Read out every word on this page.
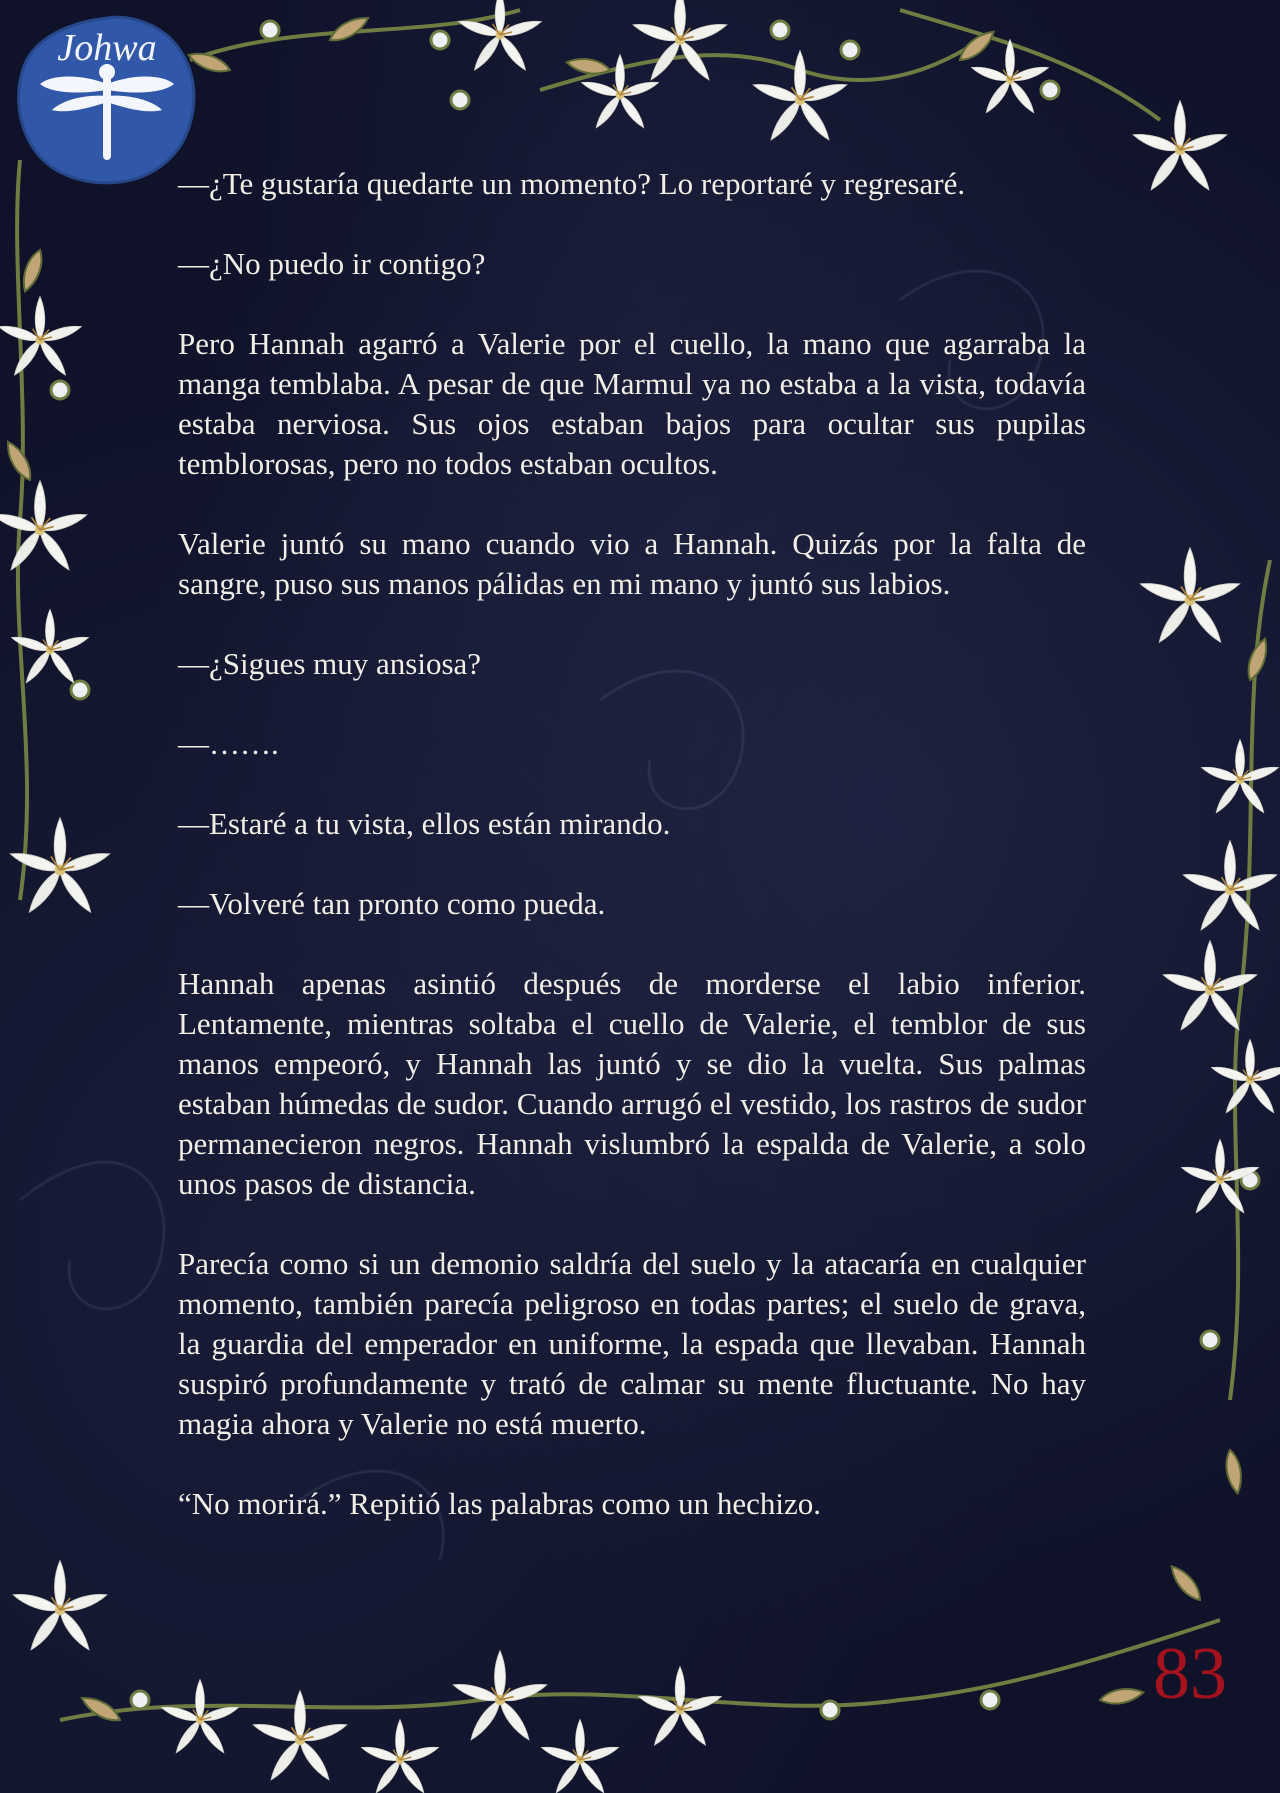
Johwa

—¿Te gustaría quedarte un momento? Lo reportaré y regresaré.

—¿No puedo ir contigo?

Pero Hannah agarró a Valerie por el cuello, la mano que agarraba la manga temblaba. A pesar de que Marmul ya no estaba a la vista, todavía estaba nerviosa. Sus ojos estaban bajos para ocultar sus pupilas temblorosas, pero no todos estaban ocultos.

Valerie juntó su mano cuando vio a Hannah. Quizás por la falta de sangre, puso sus manos pálidas en mi mano y juntó sus labios.

—¿Sigues muy ansiosa?

—…….

—Estaré a tu vista, ellos están mirando.

—Volveré tan pronto como pueda.

Hannah apenas asintió después de morderse el labio inferior. Lentamente, mientras soltaba el cuello de Valerie, el temblor de sus manos empeoró, y Hannah las juntó y se dio la vuelta. Sus palmas estaban húmedas de sudor. Cuando arrugó el vestido, los rastros de sudor permanecieron negros. Hannah vislumbró la espalda de Valerie, a solo unos pasos de distancia.

Parecía como si un demonio saldría del suelo y la atacaría en cualquier momento, también parecía peligroso en todas partes; el suelo de grava, la guardia del emperador en uniforme, la espada que llevaban. Hannah suspiró profundamente y trató de calmar su mente fluctuante. No hay magia ahora y Valerie no está muerto.

“No morirá.” Repitió las palabras como un hechizo.

83
